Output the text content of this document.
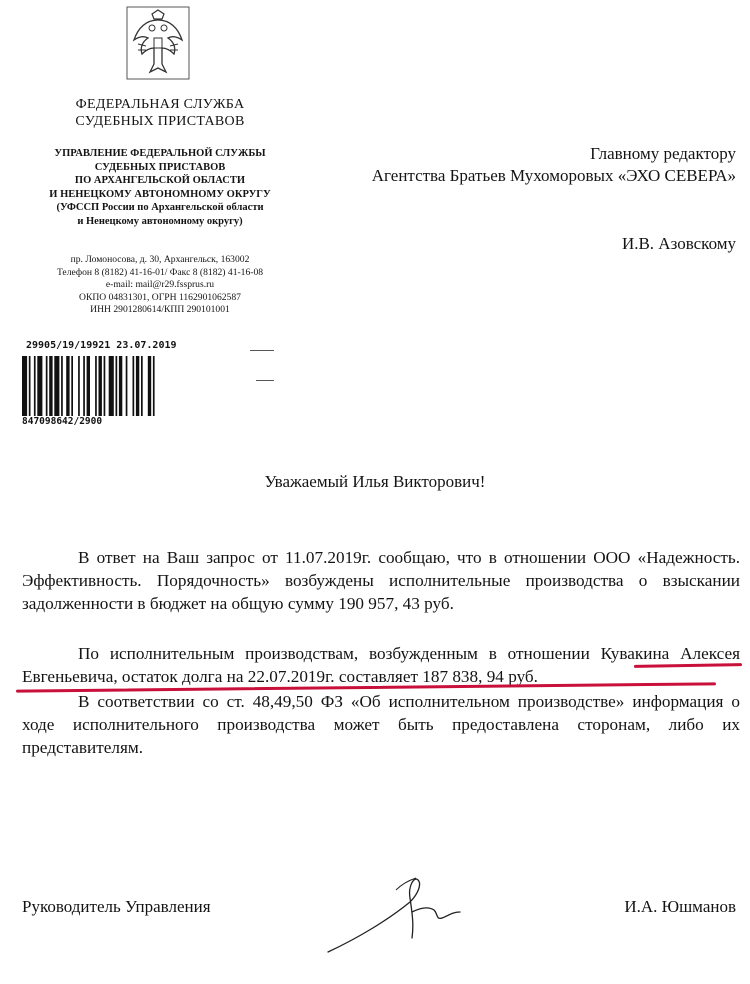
ФЕДЕРАЛЬНАЯ СЛУЖБА
СУДЕБНЫХ ПРИСТАВОВ
УПРАВЛЕНИЕ ФЕДЕРАЛЬНОЙ СЛУЖБЫ
СУДЕБНЫХ ПРИСТАВОВ
ПО АРХАНГЕЛЬСКОЙ ОБЛАСТИ
И НЕНЕЦКОМУ АВТОНОМНОМУ ОКРУГУ
(УФССП России по Архангельской области
и Ненецкому автономному округу)
пр. Ломоносова, д. 30, Архангельск, 163002
Телефон 8 (8182) 41-16-01/ Факс 8 (8182) 41-16-08
e-mail: mail@r29.fssprus.ru
ОКПО 04831301, ОГРН 1162901062587
ИНН 2901280614/КПП 290101001
29905/19/19921 23.07.2019
847098642/2900
Главному редактору
Агентства Братьев Мухоморовых «ЭХО СЕВЕРА»
И.В. Азовскому
Уважаемый Илья Викторович!
В ответ на Ваш запрос от 11.07.2019г. сообщаю, что в отношении ООО «Надежность. Эффективность. Порядочность» возбуждены исполнительные производства о взыскании задолженности в бюджет на общую сумму 190 957, 43 руб.
По исполнительным производствам, возбужденным в отношении Кувакина Алексея Евгеньевича, остаток долга на 22.07.2019г. составляет 187 838, 94 руб.
В соответствии со ст. 48,49,50 ФЗ «Об исполнительном производстве» информация о ходе исполнительного производства может быть предоставлена сторонам, либо их представителям.
Руководитель Управления	И.А. Юшманов
